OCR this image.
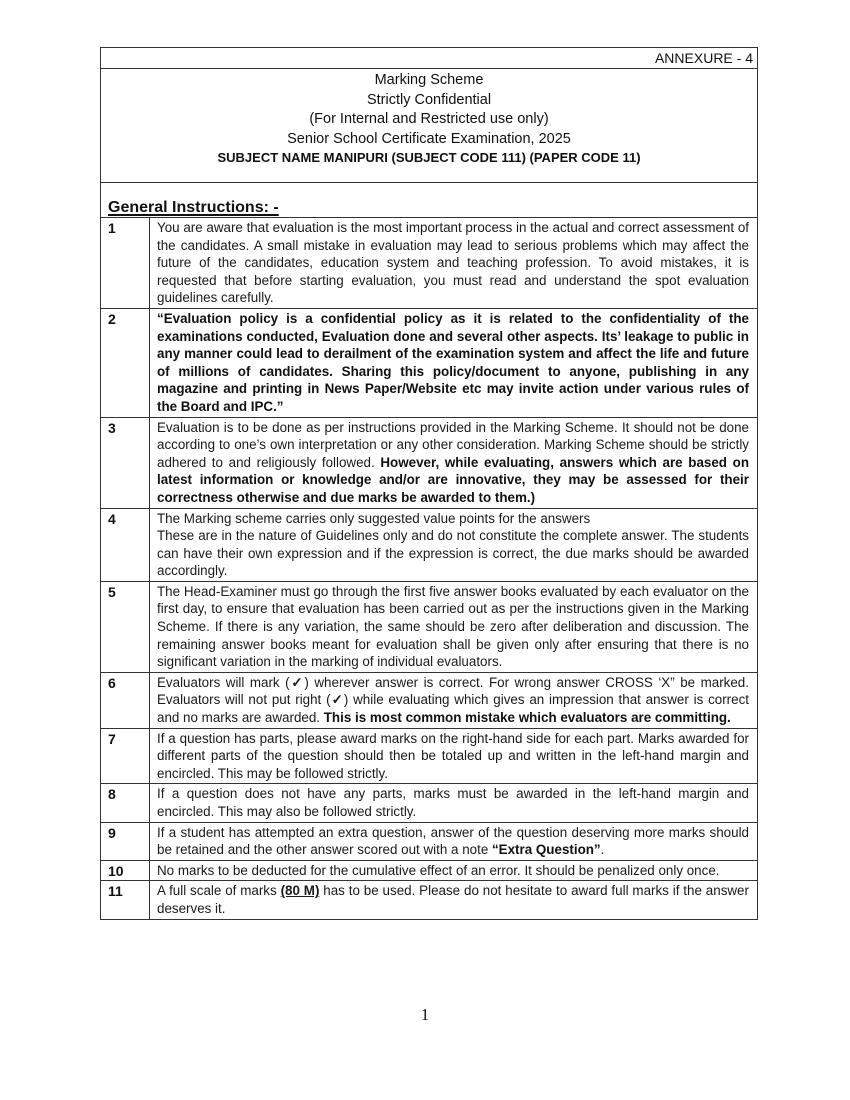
ANNEXURE - 4	

Marking Scheme
Strictly Confidential
(For Internal and Restricted use only)
Senior School Certificate Examination, 2025
SUBJECT NAME MANIPURI (SUBJECT CODE 111) (PAPER CODE 11)	

General Instructions: -	

1	You are aware that evaluation is the most important process in the actual and correct assessment of the candidates. A small mistake in evaluation may lead to serious problems which may affect the future of the candidates, education system and teaching profession. To avoid mistakes, it is requested that before starting evaluation, you must read and understand the spot evaluation guidelines carefully.
2	“Evaluation policy is a confidential policy as it is related to the confidentiality of the examinations conducted, Evaluation done and several other aspects. Its’ leakage to public in any manner could lead to derailment of the examination system and affect the life and future of millions of candidates. Sharing this policy/document to anyone, publishing in any magazine and printing in News Paper/Website etc may invite action under various rules of the Board and IPC.”
3	Evaluation is to be done as per instructions provided in the Marking Scheme. It should not be done according to one’s own interpretation or any other consideration. Marking Scheme should be strictly adhered to and religiously followed. However, while evaluating, answers which are based on latest information or knowledge and/or are innovative, they may be assessed for their correctness otherwise and due marks be awarded to them.)
4	The Marking scheme carries only suggested value points for the answers
These are in the nature of Guidelines only and do not constitute the complete answer. The students can have their own expression and if the expression is correct, the due marks should be awarded accordingly.
5	The Head-Examiner must go through the first five answer books evaluated by each evaluator on the first day, to ensure that evaluation has been carried out as per the instructions given in the Marking Scheme. If there is any variation, the same should be zero after deliberation and discussion. The remaining answer books meant for evaluation shall be given only after ensuring that there is no significant variation in the marking of individual evaluators.
6	Evaluators will mark (✓) wherever answer is correct. For wrong answer CROSS ‘X” be marked. Evaluators will not put right (✓) while evaluating which gives an impression that answer is correct and no marks are awarded. This is most common mistake which evaluators are committing.
7	If a question has parts, please award marks on the right-hand side for each part. Marks awarded for different parts of the question should then be totaled up and written in the left-hand margin and encircled. This may be followed strictly.
8	If a question does not have any parts, marks must be awarded in the left-hand margin and encircled. This may also be followed strictly.
9	If a student has attempted an extra question, answer of the question deserving more marks should be retained and the other answer scored out with a note “Extra Question”.
10	No marks to be deducted for the cumulative effect of an error. It should be penalized only once.
11	A full scale of marks (80 M) has to be used. Please do not hesitate to award full marks if the answer deserves it.
1
